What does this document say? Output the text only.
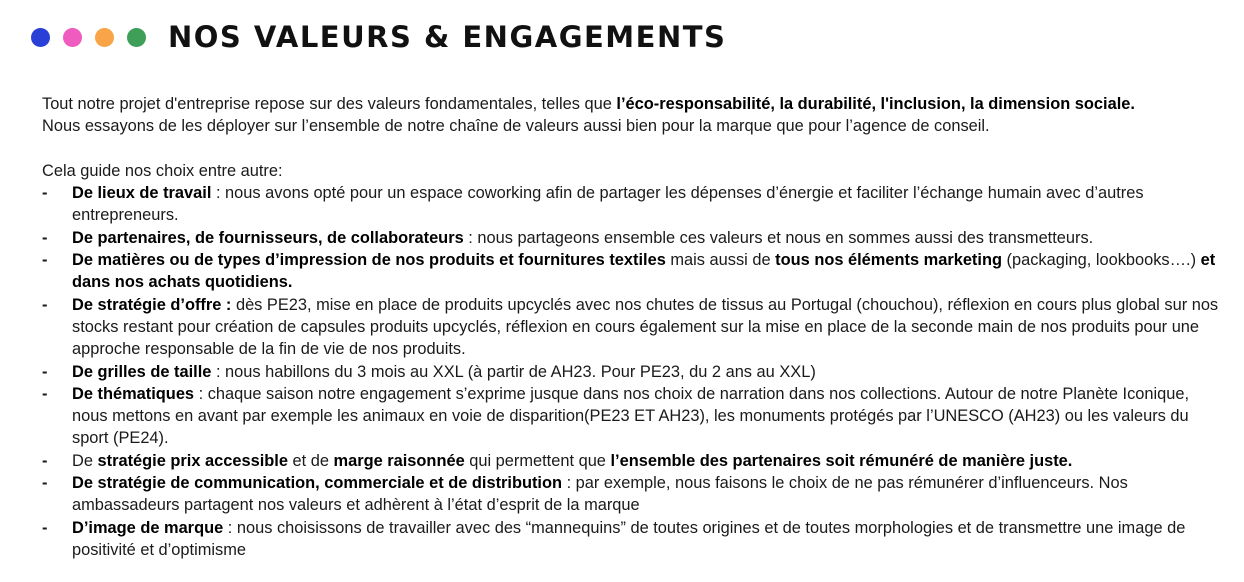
NOS VALEURS & ENGAGEMENTS

Tout notre projet d'entreprise repose sur des valeurs fondamentales, telles que l’éco-responsabilité, la durabilité, l'inclusion, la dimension sociale.

Nous essayons de les déployer sur l’ensemble de notre chaîne de valeurs aussi bien pour la marque que pour l’agence de conseil.

Cela guide nos choix entre autre:

- De lieux de travail : nous avons opté pour un espace coworking afin de partager les dépenses d’énergie et faciliter l’échange humain avec d’autres entrepreneurs.
- De partenaires, de fournisseurs, de collaborateurs : nous partageons ensemble ces valeurs et nous en sommes aussi des transmetteurs.
- De matières ou de types d’impression de nos produits et fournitures textiles mais aussi de tous nos éléments marketing (packaging, lookbooks….) et dans nos achats quotidiens.
- De stratégie d’offre : dès PE23, mise en place de produits upcyclés avec nos chutes de tissus au Portugal (chouchou), réflexion en cours plus global sur nos stocks restant pour création de capsules produits upcyclés, réflexion en cours également sur la mise en place de la seconde main de nos produits pour une approche responsable de la fin de vie de nos produits.
- De grilles de taille : nous habillons du 3 mois au XXL (à partir de AH23. Pour PE23, du 2 ans au XXL)
- De thématiques : chaque saison notre engagement s’exprime jusque dans nos choix de narration dans nos collections. Autour de notre Planète Iconique, nous mettons en avant par exemple les animaux en voie de disparition(PE23 ET AH23), les monuments protégés par l’UNESCO (AH23) ou les valeurs du sport (PE24).
- De stratégie prix accessible et de marge raisonnée qui permettent que l’ensemble des partenaires soit rémunéré de manière juste.
- De stratégie de communication, commerciale et de distribution : par exemple, nous faisons le choix de ne pas rémunérer d’influenceurs. Nos ambassadeurs partagent nos valeurs et adhèrent à l’état d’esprit de la marque
- D’image de marque : nous choisissons de travailler avec des “mannequins” de toutes origines et de toutes morphologies et de transmettre une image de positivité et d’optimisme
